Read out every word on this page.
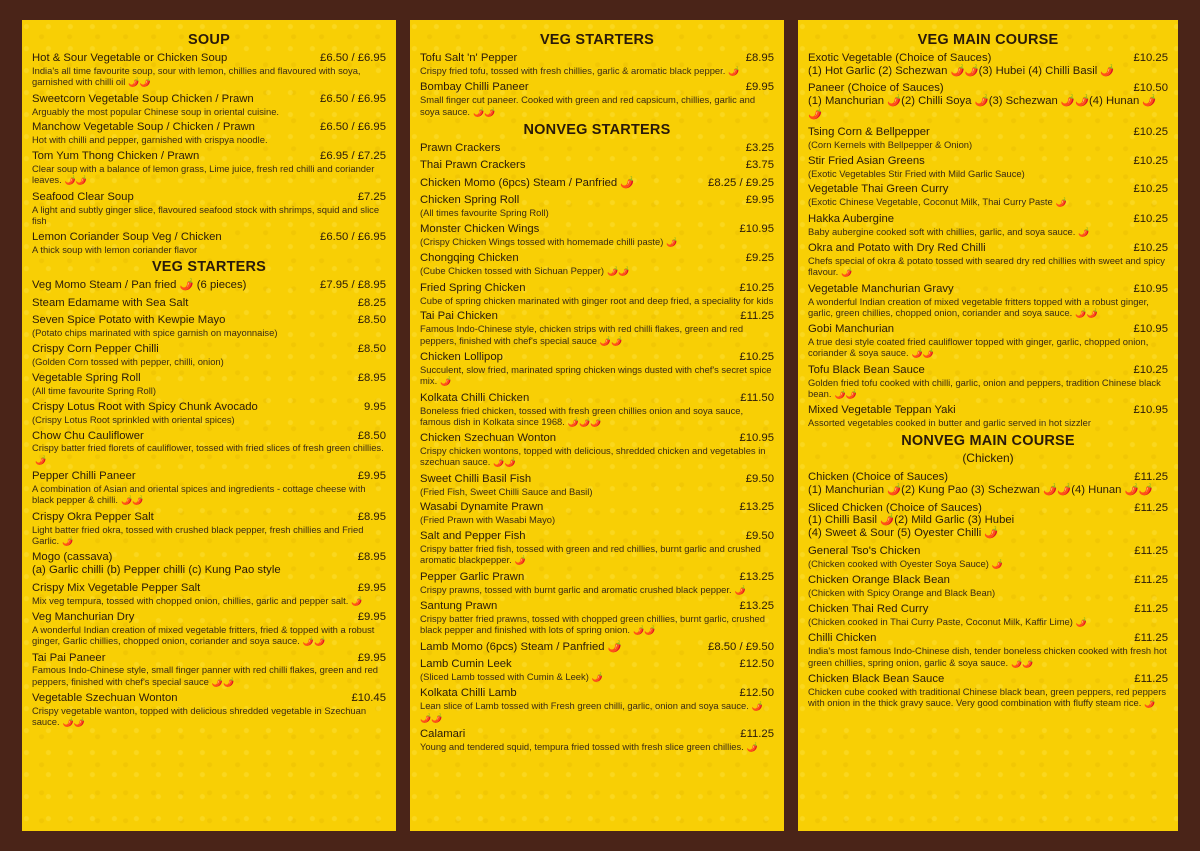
SOUP
Hot & Sour Vegetable or Chicken Soup	£6.50 / £6.95
India's all time favourite soup, sour with lemon, chillies and flavoured with soya, garnished with chilli oil 🌶️🌶️
Sweetcorn Vegetable Soup Chicken / Prawn	£6.50 / £6.95
Arguably the most popular Chinese soup in oriental cuisine.
Manchow Vegetable Soup / Chicken / Prawn	£6.50 / £6.95
Hot with chilli and pepper, garnished with crispya noodle.
Tom Yum Thong Chicken / Prawn	£6.95 / £7.25
Clear soup with a balance of lemon grass, Lime juice, fresh red chilli and coriander leaves. 🌶️🌶️
Seafood Clear Soup	£7.25
A light and subtly ginger slice, flavoured seafood stock with shrimps, squid and slice fish
Lemon Coriander Soup Veg / Chicken	£6.50 / £6.95
A thick soup with lemon coriander flavor
VEG STARTERS
Veg Momo Steam / Pan fried 🌶️ (6 pieces)	£7.95 / £8.95
Steam Edamame with Sea Salt	£8.25
Seven Spice Potato with Kewpie Mayo	£8.50
(Potato chips marinated with spice garnish on mayonnaise)
Crispy Corn Pepper Chilli	£8.50
(Golden Corn tossed with pepper, chilli, onion)
Vegetable Spring Roll	£8.95
(All time favourite Spring Roll)
Crispy Lotus Root with Spicy Chunk Avocado	9.95
(Crispy Lotus Root sprinkled with oriental spices)
Chow Chu Cauliflower	£8.50
Crispy batter fried florets of cauliflower, tossed with fried slices of fresh green chillies.🌶️
Pepper Chilli Paneer	£9.95
A combination of Asian and oriental spices and ingredients - cottage cheese with black pepper & chilli. 🌶️🌶️
Crispy Okra Pepper Salt	£8.95
Light batter fried okra, tossed with crushed black pepper, fresh chillies and Fried Garlic. 🌶️
Mogo (cassava)	£8.95
(a) Garlic chilli (b) Pepper chilli (c) Kung Pao style
Crispy Mix Vegetable Pepper Salt	£9.95
Mix veg tempura, tossed with chopped onion, chillies, garlic and pepper salt. 🌶️
Veg Manchurian Dry	£9.95
A wonderful Indian creation of mixed vegetable fritters, fried & topped with a robust ginger, Garlic chillies, chopped onion, coriander and soya sauce. 🌶️🌶️
Tai Pai Paneer	£9.95
Famous Indo-Chinese style, small finger panner with red chilli flakes, green and red peppers, finished with chef's special sauce 🌶️🌶️
Vegetable Szechuan Wonton	£10.45
Crispy vegetable wanton, topped with delicious shredded vegetable in Szechuan sauce. 🌶️🌶️
VEG STARTERS
Tofu Salt 'n' Pepper	£8.95
Crispy fried tofu, tossed with fresh chillies, garlic & aromatic black pepper. 🌶️
Bombay Chilli Paneer	£9.95
Small finger cut paneer. Cooked with green and red capsicum, chillies, garlic and soya sauce. 🌶️🌶️
NONVEG STARTERS
Prawn Crackers	£3.25
Thai Prawn Crackers	£3.75
Chicken Momo (6pcs) Steam / Panfried 🌶️	£8.25 / £9.25
Chicken Spring Roll	£9.95
(All times favourite Spring Roll)
Monster Chicken Wings	£10.95
(Crispy Chicken Wings tossed with homemade chilli paste) 🌶️
Chongqing Chicken	£9.25
(Cube Chicken tossed with Sichuan Pepper) 🌶️🌶️
Fried Spring Chicken	£10.25
Cube of spring chicken marinated with ginger root and deep fried, a speciality for kids
Tai Pai Chicken	£11.25
Famous Indo-Chinese style, chicken strips with red chilli flakes, green and red peppers, finished with chef's special sauce 🌶️🌶️
Chicken Lollipop	£10.25
Succulent, slow fried, marinated spring chicken wings dusted with chef's secret spice mix. 🌶️
Kolkata Chilli Chicken	£11.50
Boneless fried chicken, tossed with fresh green chillies onion and soya sauce, famous dish in Kolkata since 1968. 🌶️🌶️🌶️
Chicken Szechuan Wonton	£10.95
Crispy chicken wontons, topped with delicious, shredded chicken and vegetables in szechuan sauce. 🌶️🌶️
Sweet Chilli Basil Fish	£9.50
(Fried Fish, Sweet Chilli Sauce and Basil)
Wasabi Dynamite Prawn	£13.25
(Fried Prawn with Wasabi Mayo)
Salt and Pepper Fish	£9.50
Crispy batter fried fish, tossed with green and red chillies, burnt garlic and crushed aromatic blackpepper. 🌶️
Pepper Garlic Prawn	£13.25
Crispy prawns, tossed with burnt garlic and aromatic crushed black pepper. 🌶️
Santung Prawn	£13.25
Crispy batter fried prawns, tossed with chopped green chillies, burnt garlic, crushed black pepper and finished with lots of spring onion. 🌶️🌶️
Lamb Momo (6pcs) Steam / Panfried 🌶️	£8.50 / £9.50
Lamb Cumin Leek	£12.50
(Sliced Lamb tossed with Cumin & Leek) 🌶️
Kolkata Chilli Lamb	£12.50
Lean slice of Lamb tossed with Fresh green chilli, garlic, onion and soya sauce. 🌶️🌶️🌶️
Calamari	£11.25
Young and tendered squid, tempura fried tossed with fresh slice green chillies. 🌶️
VEG MAIN COURSE
Exotic Vegetable (Choice of Sauces)	£10.25
(1) Hot Garlic (2) Schezwan 🌶️🌶️(3) Hubei (4) Chilli Basil 🌶️
Paneer (Choice of Sauces)	£10.50
(1) Manchurian 🌶️(2) Chilli Soya 🌶️(3) Schezwan 🌶️🌶️(4) Hunan 🌶️🌶️
Tsing Corn & Bellpepper	£10.25
(Corn Kernels with Bellpepper & Onion)
Stir Fried Asian Greens	£10.25
(Exotic Vegetables Stir Fried with Mild Garlic Sauce)
Vegetable Thai Green Curry	£10.25
(Exotic Chinese Vegetable, Coconut Milk, Thai Curry Paste 🌶️
Hakka Aubergine	£10.25
Baby aubergine cooked soft with chillies, garlic, and soya sauce. 🌶️
Okra and Potato with Dry Red Chilli	£10.25
Chefs special of okra & potato tossed with seared dry red chillies with sweet and spicy flavour. 🌶️
Vegetable Manchurian Gravy	£10.95
A wonderful Indian creation of mixed vegetable fritters topped with a robust ginger, garlic, green chillies, chopped onion, coriander and soya sauce. 🌶️🌶️
Gobi Manchurian	£10.95
A true desi style coated fried cauliflower topped with ginger, garlic, chopped onion, coriander & soya sauce. 🌶️🌶️
Tofu Black Bean Sauce	£10.25
Golden fried tofu cooked with chilli, garlic, onion and peppers, tradition Chinese black bean. 🌶️🌶️
Mixed Vegetable Teppan Yaki	£10.95
Assorted vegetables cooked in butter and garlic served in hot sizzler
NONVEG MAIN COURSE
(Chicken)
Chicken (Choice of Sauces)	£11.25
(1) Manchurian 🌶️(2) Kung Pao (3) Schezwan 🌶️🌶️(4) Hunan 🌶️🌶️
Sliced Chicken (Choice of Sauces)	£11.25
(1) Chilli Basil 🌶️(2) Mild Garlic (3) Hubei
(4) Sweet & Sour (5) Oyester Chilli 🌶️
General Tso's Chicken	£11.25
(Chicken cooked with Oyester Soya Sauce) 🌶️
Chicken Orange Black Bean	£11.25
(Chicken with Spicy Orange and Black Bean)
Chicken Thai Red Curry	£11.25
(Chicken cooked in Thai Curry Paste, Coconut Milk, Kaffir Lime) 🌶️
Chilli Chicken	£11.25
India's most famous Indo-Chinese dish, tender boneless chicken cooked with fresh hot green chillies, spring onion, garlic & soya sauce. 🌶️🌶️
Chicken Black Bean Sauce	£11.25
Chicken cube cooked with traditional Chinese black bean, green peppers, red peppers with onion in the thick gravy sauce. Very good combination with fluffy steam rice. 🌶️
